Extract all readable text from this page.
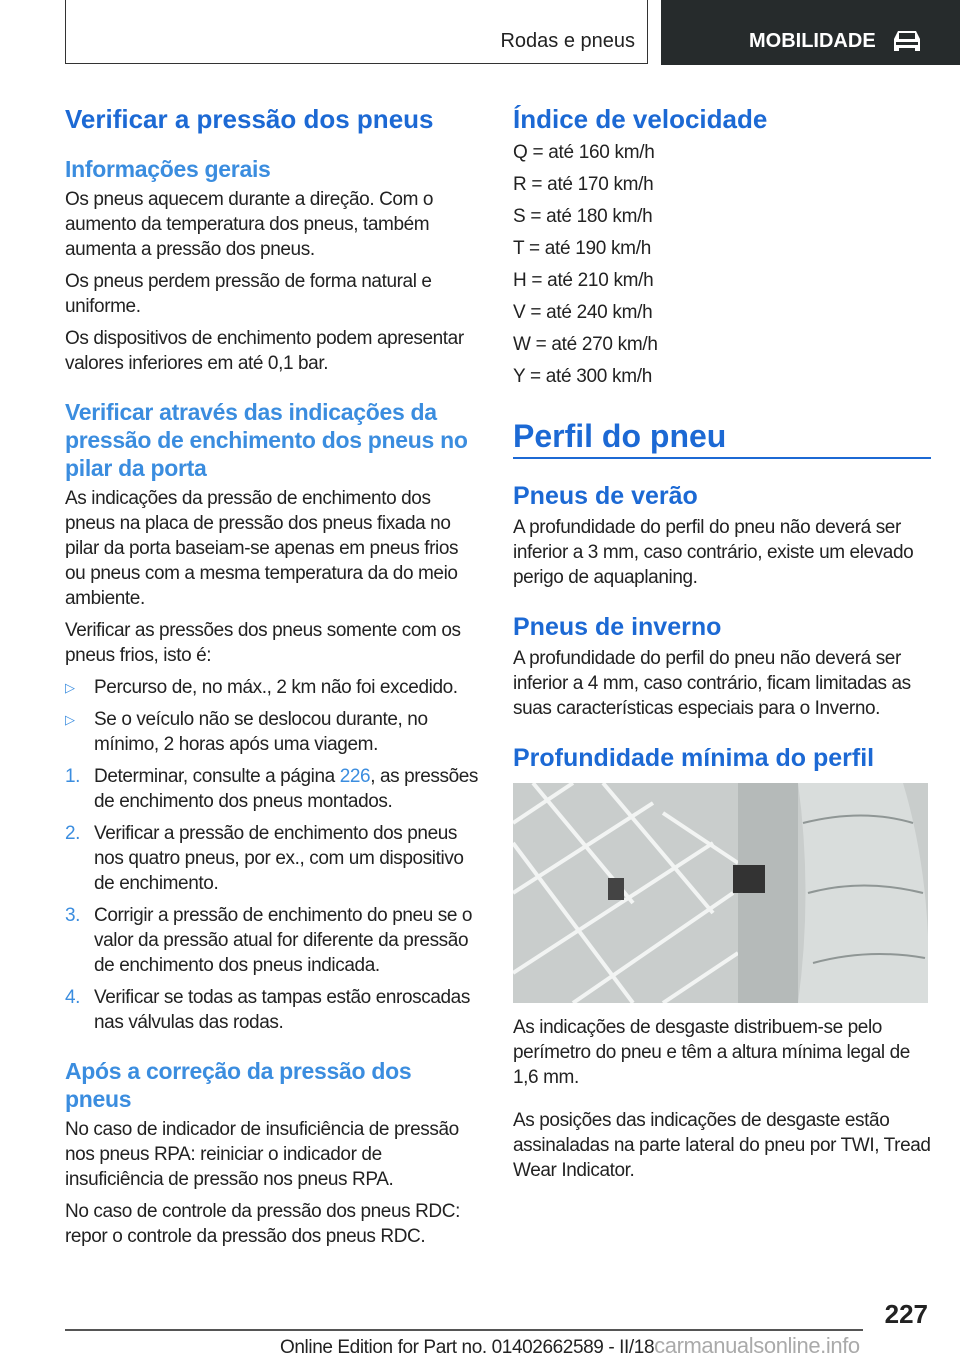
Rodas e pneus	MOBILIDADE
Verificar a pressão dos pneus
Informações gerais
Os pneus aquecem durante a direção. Com o aumento da temperatura dos pneus, também aumenta a pressão dos pneus.
Os pneus perdem pressão de forma natural e uniforme.
Os dispositivos de enchimento podem apresentar valores inferiores em até 0,1 bar.
Verificar através das indicações da pressão de enchimento dos pneus no pilar da porta
As indicações da pressão de enchimento dos pneus na placa de pressão dos pneus fixada no pilar da porta baseiam-se apenas em pneus frios ou pneus com a mesma temperatura da do meio ambiente.
Verificar as pressões dos pneus somente com os pneus frios, isto é:
▷ Percurso de, no máx., 2 km não foi excedido.
▷ Se o veículo não se deslocou durante, no mínimo, 2 horas após uma viagem.
1. Determinar, consulte a página 226, as pressões de enchimento dos pneus montados.
2. Verificar a pressão de enchimento dos pneus nos quatro pneus, por ex., com um dispositivo de enchimento.
3. Corrigir a pressão de enchimento do pneu se o valor da pressão atual for diferente da pressão de enchimento dos pneus indicada.
4. Verificar se todas as tampas estão enroscadas nas válvulas das rodas.
Após a correção da pressão dos pneus
No caso de indicador de insuficiência de pressão nos pneus RPA: reiniciar o indicador de insuficiência de pressão nos pneus RPA.
No caso de controle da pressão dos pneus RDC: repor o controle da pressão dos pneus RDC.
Índice de velocidade
Q = até 160 km/h
R = até 170 km/h
S = até 180 km/h
T = até 190 km/h
H = até 210 km/h
V = até 240 km/h
W = até 270 km/h
Y = até 300 km/h
Perfil do pneu
Pneus de verão
A profundidade do perfil do pneu não deverá ser inferior a 3 mm, caso contrário, existe um elevado perigo de aquaplaning.
Pneus de inverno
A profundidade do perfil do pneu não deverá ser inferior a 4 mm, caso contrário, ficam limitadas as suas características especiais para o Inverno.
Profundidade mínima do perfil
As indicações de desgaste distribuem-se pelo perímetro do pneu e têm a altura mínima legal de 1,6 mm.
As posições das indicações de desgaste estão assinaladas na parte lateral do pneu por TWI, Tread Wear Indicator.
227
Online Edition for Part no. 01402662589 - II/18carmanualsonline.info
